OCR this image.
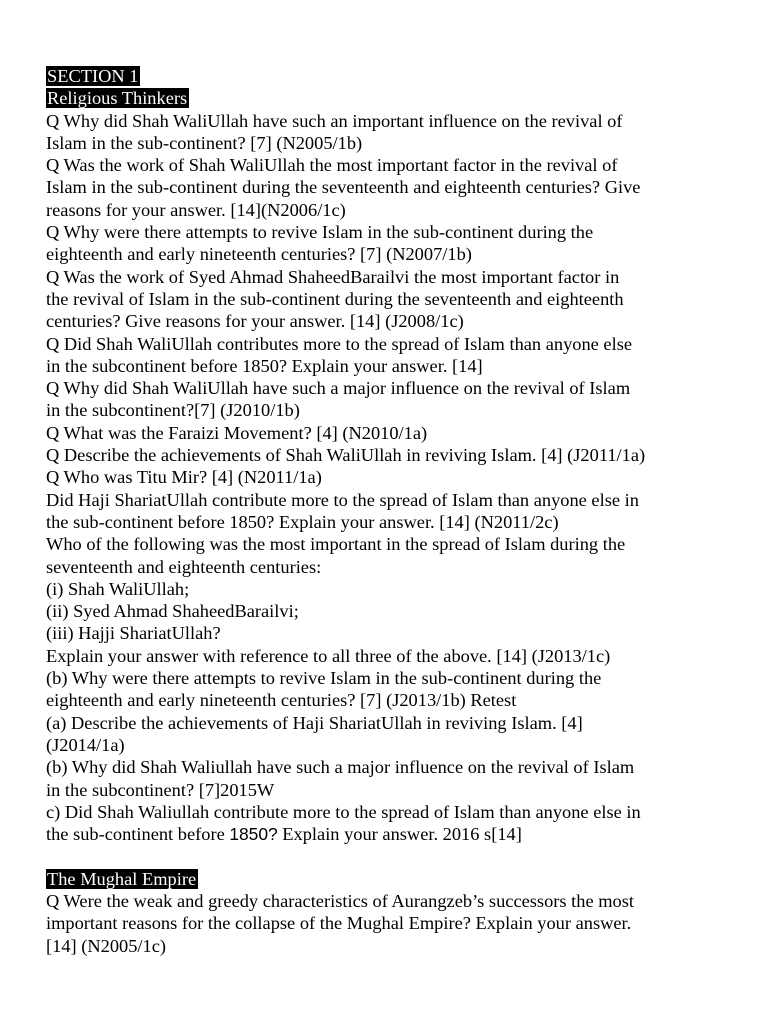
SECTION 1
Religious Thinkers
Q Why did Shah WaliUllah have such an important influence on the revival of
Islam in the sub-continent? [7] (N2005/1b)
Q Was the work of Shah WaliUllah the most important factor in the revival of
Islam in the sub-continent during the seventeenth and eighteenth centuries? Give
reasons for your answer. [14](N2006/1c)
Q Why were there attempts to revive Islam in the sub-continent during the
eighteenth and early nineteenth centuries? [7] (N2007/1b)
Q Was the work of Syed Ahmad ShaheedBarailvi the most important factor in
the revival of Islam in the sub-continent during the seventeenth and eighteenth
centuries? Give reasons for your answer. [14] (J2008/1c)
Q Did Shah WaliUllah contributes more to the spread of Islam than anyone else
in the subcontinent before 1850? Explain your answer. [14]
Q Why did Shah WaliUllah have such a major influence on the revival of Islam
in the subcontinent?[7] (J2010/1b)
Q What was the Faraizi Movement? [4] (N2010/1a)
Q Describe the achievements of Shah WaliUllah in reviving Islam. [4] (J2011/1a)
Q Who was Titu Mir? [4] (N2011/1a)
Did Haji ShariatUllah contribute more to the spread of Islam than anyone else in
the sub-continent before 1850? Explain your answer. [14] (N2011/2c)
Who of the following was the most important in the spread of Islam during the
seventeenth and eighteenth centuries:
(i) Shah WaliUllah;
(ii) Syed Ahmad ShaheedBarailvi;
(iii) Hajji ShariatUllah?
Explain your answer with reference to all three of the above. [14] (J2013/1c)
(b) Why were there attempts to revive Islam in the sub-continent during the
eighteenth and early nineteenth centuries? [7] (J2013/1b) Retest
(a) Describe the achievements of Haji ShariatUllah in reviving Islam. [4]
(J2014/1a)
(b) Why did Shah Waliullah have such a major influence on the revival of Islam
in the subcontinent? [7]2015W
c) Did Shah Waliullah contribute more to the spread of Islam than anyone else in
the sub-continent before 1850? Explain your answer. 2016 s[14]
The Mughal Empire
Q Were the weak and greedy characteristics of Aurangzeb’s successors the most
important reasons for the collapse of the Mughal Empire? Explain your answer.
[14] (N2005/1c)
